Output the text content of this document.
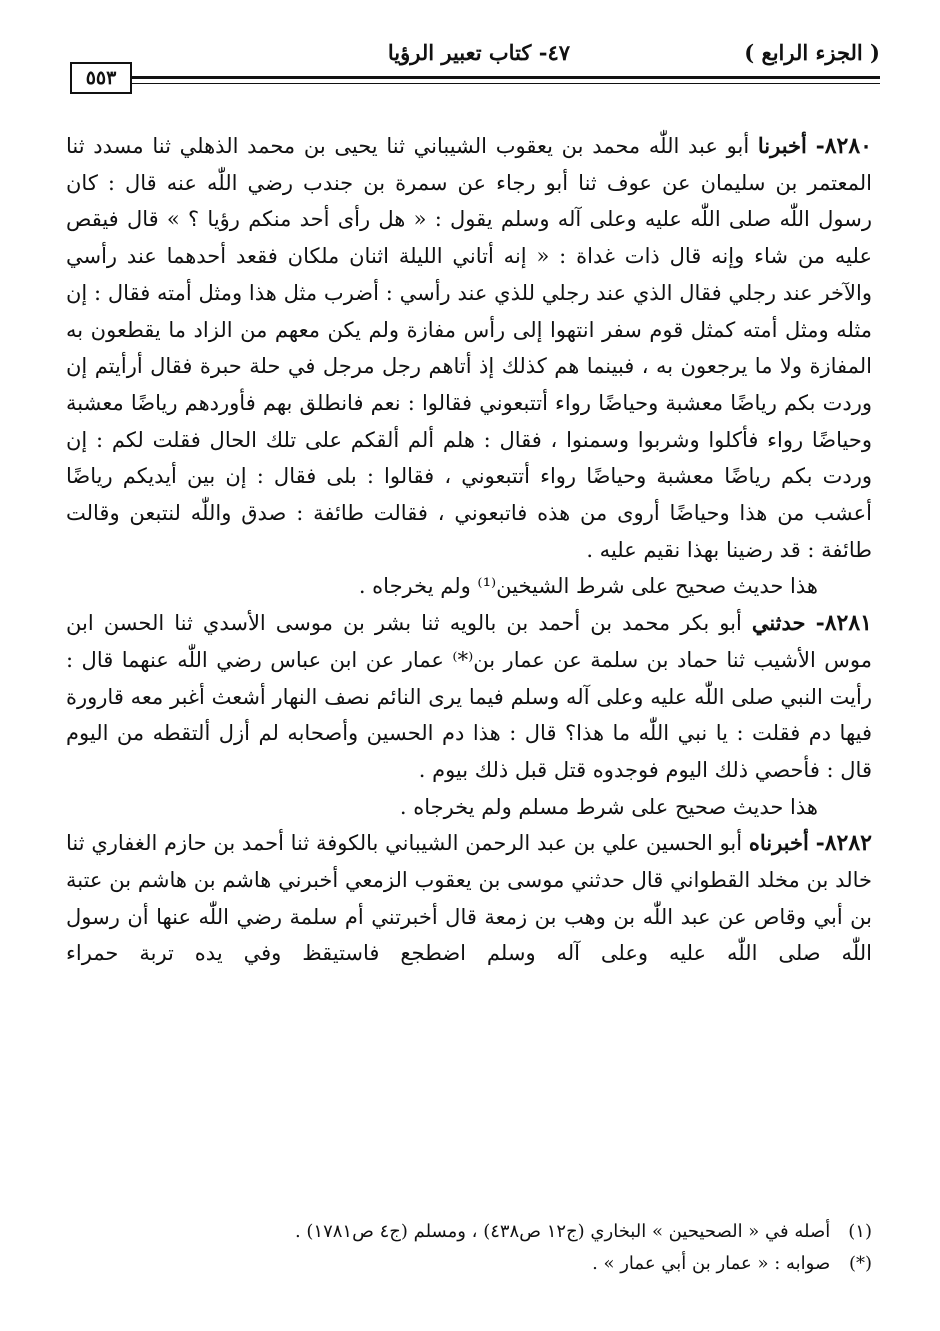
( الجزء الرابع )
٤٧- كتاب تعبير الرؤيا
٥٥٣

٨٢٨٠- أخبرنا أبو عبد اللّٰه محمد بن يعقوب الشيباني ثنا يحيى بن محمد الذهلي ثنا مسدد ثنا المعتمر بن سليمان عن عوف ثنا أبو رجاء عن سمرة بن جندب رضي اللّٰه عنه قال : كان رسول اللّٰه صلى اللّٰه عليه وعلى آله وسلم يقول : « هل رأى أحد منكم رؤيا ؟ » قال فيقص عليه من شاء وإنه قال ذات غداة : « إنه أتاني الليلة اثنان ملكان فقعد أحدهما عند رأسي والآخر عند رجلي فقال الذي عند رجلي للذي عند رأسي : أضرب مثل هذا ومثل أمته فقال : إن مثله ومثل أمته كمثل قوم سفر انتهوا إلى رأس مفازة ولم يكن معهم من الزاد ما يقطعون به المفازة ولا ما يرجعون به ، فبينما هم كذلك إذ أتاهم رجل مرجل في حلة حبرة فقال أرأيتم إن وردت بكم رياضًا معشبة وحياضًا رواء أتتبعوني فقالوا : نعم فانطلق بهم فأوردهم رياضًا معشبة وحياضًا رواء فأكلوا وشربوا وسمنوا ، فقال : هلم ألم ألقكم على تلك الحال فقلت لكم : إن وردت بكم رياضًا معشبة وحياضًا رواء أتتبعوني ، فقالوا : بلى فقال : إن بين أيديكم رياضًا أعشب من هذا وحياضًا أروى من هذه فاتبعوني ، فقالت طائفة : صدق واللّٰه لنتبعن وقالت طائفة : قد رضينا بهذا نقيم عليه .

هذا حديث صحيح على شرط الشيخين⁽¹⁾ ولم يخرجاه .

٨٢٨١- حدثني أبو بكر محمد بن أحمد بن بالويه ثنا بشر بن موسى الأسدي ثنا الحسن ابن موس الأشيب ثنا حماد بن سلمة عن عمار بن⁽*⁾ عمار عن ابن عباس رضي اللّٰه عنهما قال : رأيت النبي صلى اللّٰه عليه وعلى آله وسلم فيما يرى النائم نصف النهار أشعث أغبر معه قارورة فيها دم فقلت : يا نبي اللّٰه ما هذا؟ قال : هذا دم الحسين وأصحابه لم أزل ألتقطه من اليوم قال : فأحصي ذلك اليوم فوجدوه قتل قبل ذلك بيوم .

هذا حديث صحيح على شرط مسلم ولم يخرجاه .

٨٢٨٢- أخبرناه أبو الحسين علي بن عبد الرحمن الشيباني بالكوفة ثنا أحمد بن حازم الغفاري ثنا خالد بن مخلد القطواني قال حدثني موسى بن يعقوب الزمعي أخبرني هاشم بن هاشم بن عتبة بن أبي وقاص عن عبد اللّٰه بن وهب بن زمعة قال أخبرتني أم سلمة رضي اللّٰه عنها أن رسول اللّٰه صلى اللّٰه عليه وعلى آله وسلم اضطجع فاستيقظ وفي يده تربة حمراء

(١) أصله في « الصحيحين » البخاري (ج١٢ ص٤٣٨) ، ومسلم (ج٤ ص١٧٨١) .

(*) صوابه : « عمار بن أبي عمار » .
